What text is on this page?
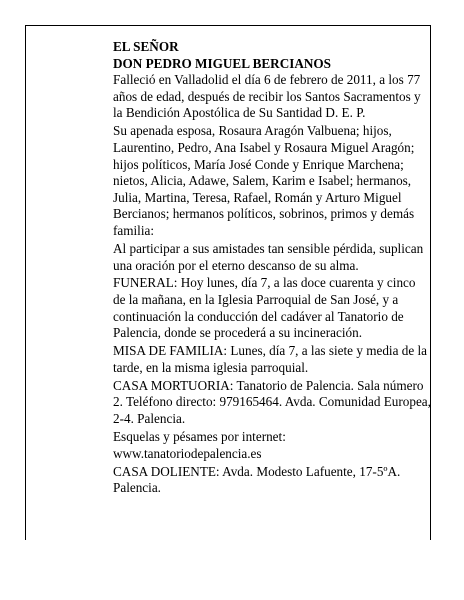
EL SEÑOR
DON PEDRO MIGUEL BERCIANOS

Falleció en Valladolid el día 6 de febrero de 2011, a los 77 años de edad, después de recibir los Santos Sacramentos y la Bendición Apostólica de Su Santidad D. E. P.

Su apenada esposa, Rosaura Aragón Valbuena; hijos, Laurentino, Pedro, Ana Isabel y Rosaura Miguel Aragón; hijos políticos, María José Conde y Enrique Marchena; nietos, Alicia, Adawe, Salem, Karim e Isabel; hermanos, Julia, Martina, Teresa, Rafael, Román y Arturo Miguel Bercianos; hermanos políticos, sobrinos, primos y demás familia:

Al participar a sus amistades tan sensible pérdida, suplican una oración por el eterno descanso de su alma.

FUNERAL: Hoy lunes, día 7, a las doce cuarenta y cinco de la mañana, en la Iglesia Parroquial de San José, y a continuación la conducción del cadáver al Tanatorio de Palencia, donde se procederá a su incineración.

MISA DE FAMILIA: Lunes, día 7, a las siete y media de la tarde, en la misma iglesia parroquial.

CASA MORTUORIA: Tanatorio de Palencia. Sala número 2. Teléfono directo: 979165464. Avda. Comunidad Europea, 2-4. Palencia.

Esquelas y pésames por internet: www.tanatoriodepalencia.es

CASA DOLIENTE: Avda. Modesto Lafuente, 17-5ºA. Palencia.
